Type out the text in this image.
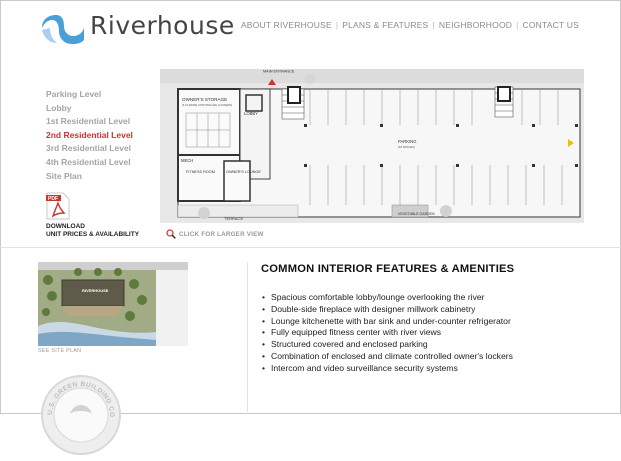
Riverhouse ABOUT RIVERHOUSE | PLANS & FEATURES | NEIGHBORHOOD | CONTACT US
Parking Level
Lobby
1st Residential Level
2nd Residential Level
3rd Residential Level
4th Residential Level
Site Plan
PDF
DOWNLOAD
UNIT PRICES & AVAILABILITY
MAIN ENTRANCE
OWNER'S STORAGE
(6 CLIMATE CONTROLLED LOCKERS)
LOBBY
MECH
FITNESS ROOM	OWNER'S LOUNGE
PARKING
(18 SPACES)
TERRACE
VEGETABLE GARDEN
CLICK FOR LARGER VIEW
RIVERHOUSE
SEE SITE PLAN
U.S. GREEN BUILDING CO
COMMON INTERIOR FEATURES & AMENITIES
• Spacious comfortable lobby/lounge overlooking the river
• Double-side fireplace with designer millwork cabinetry
• Lounge kitchenette with bar sink and under-counter refrigerator
• Fully equipped fitness center with river views
• Structured covered and enclosed parking
• Combination of enclosed and climate controlled owner's lockers
• Intercom and video surveillance security systems
